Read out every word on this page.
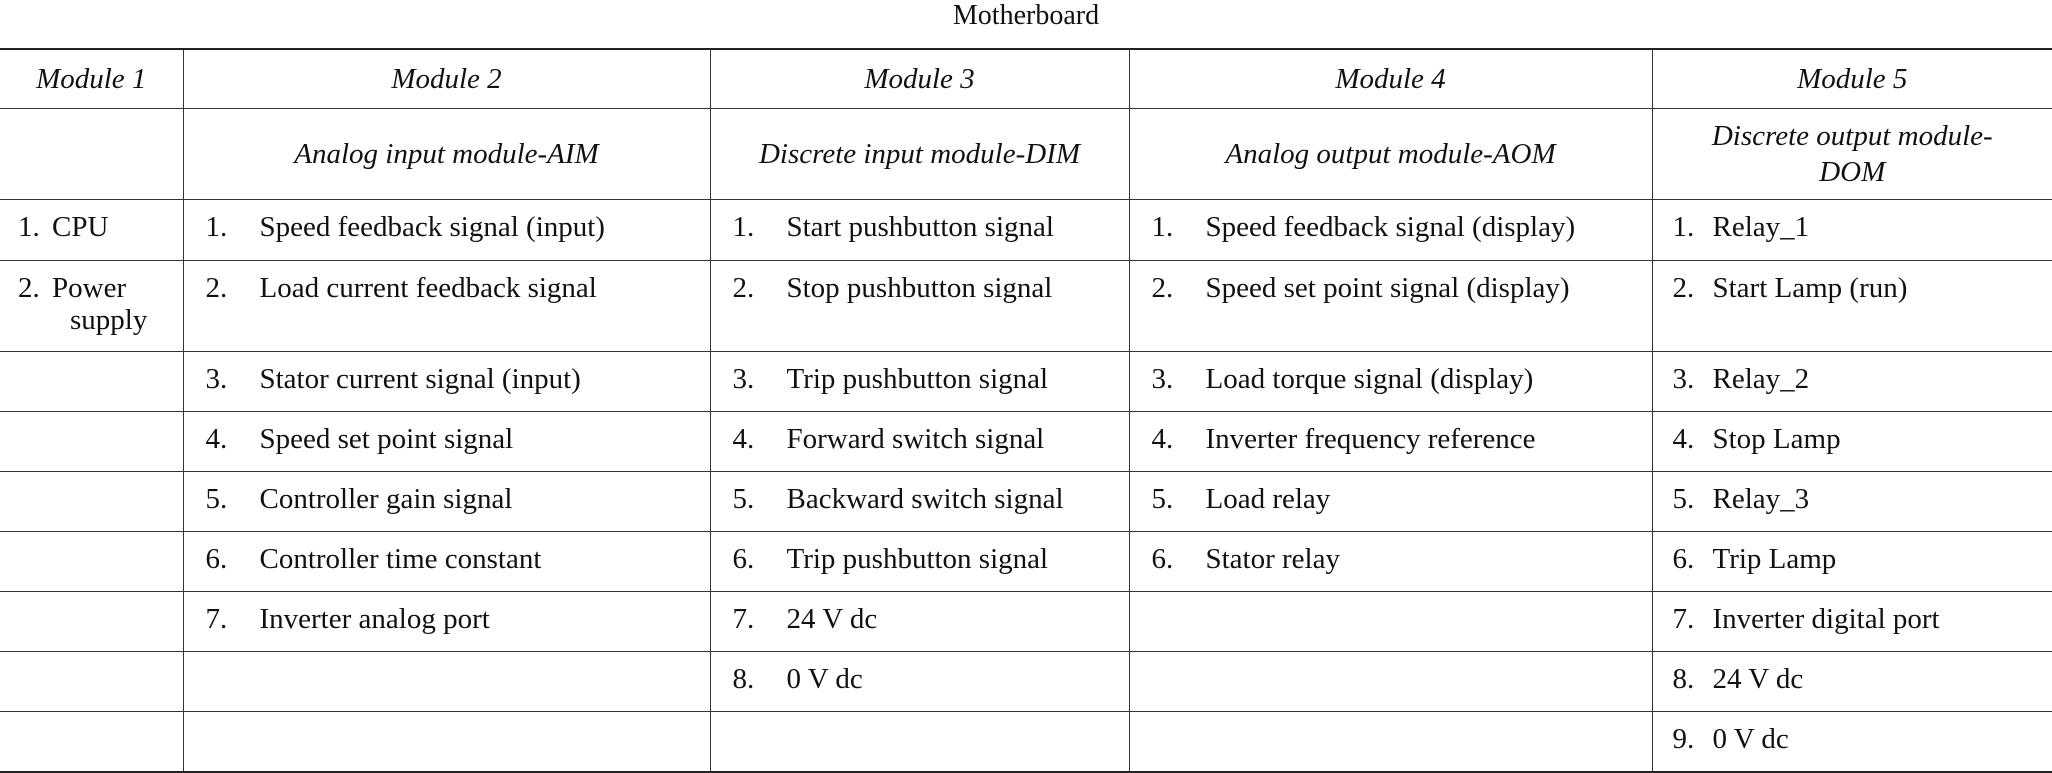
Motherboard
Module 1	Module 2	Module 3	Module 4	Module 5
	Analog input module-AIM	Discrete input module-DIM	Analog output module-AOM	Discrete output module-
DOM

1. CPU	1. Speed feedback signal (input)	1. Start pushbutton signal	1. Speed feedback signal (display)	1. Relay_1

2. Power
supply	2. Load current feedback signal	2. Stop pushbutton signal	2. Speed set point signal (display)	2. Start Lamp (run)

	3. Stator current signal (input)	3. Trip pushbutton signal	3. Load torque signal (display)	3. Relay_2

	4. Speed set point signal	4. Forward switch signal	4. Inverter frequency reference	4. Stop Lamp

	5. Controller gain signal	5. Backward switch signal	5. Load relay	5. Relay_3

	6. Controller time constant	6. Trip pushbutton signal	6. Stator relay	6. Trip Lamp

	7. Inverter analog port	7. 24 V dc		7. Inverter digital port

		8. 0 V dc		8. 24 V dc

				9. 0 V dc
